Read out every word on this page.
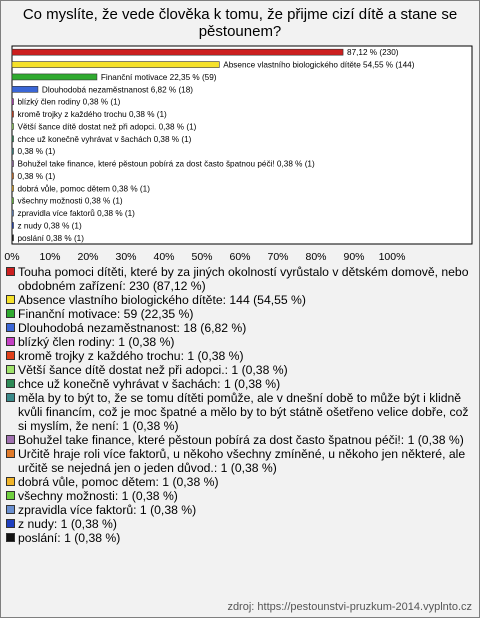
Co myslíte, že vede člověka k tomu, že přijme cizí dítě a stane se pěstounem?
87,12 % (230)
Absence vlastního biologického dítěte 54,55 % (144)
Finanční motivace 22,35 % (59)
Dlouhodobá nezaměstnanost 6,82 % (18)
blízký člen rodiny 0,38 % (1)
kromě trojky z každého trochu 0,38 % (1)
Větší šance dítě dostat než při adopci. 0,38 % (1)
chce už konečně vyhrávat v šachách 0,38 % (1)
0,38 % (1)
Bohužel take finance, které pěstoun pobírá za dost často špatnou péči! 0,38 % (1)
0,38 % (1)
dobrá vůle, pomoc dětem 0,38 % (1)
všechny možnosti 0,38 % (1)
zpravidla více faktorů 0,38 % (1)
z nudy 0,38 % (1)
poslání 0,38 % (1)
0% 10% 20% 30% 40% 50% 60% 70% 80% 90% 100%
Touha pomoci dítěti, které by za jiných okolností vyrůstalo v dětském domově, nebo obdobném zařízení: 230 (87,12 %)
Absence vlastního biologického dítěte: 144 (54,55 %)
Finanční motivace: 59 (22,35 %)
Dlouhodobá nezaměstnanost: 18 (6,82 %)
blízký člen rodiny: 1 (0,38 %)
kromě trojky z každého trochu: 1 (0,38 %)
Větší šance dítě dostat než při adopci.: 1 (0,38 %)
chce už konečně vyhrávat v šachách: 1 (0,38 %)
měla by to být to, že se tomu dítěti pomůže, ale v dnešní době to může být i klidně kvůli financím, což je moc špatné a mělo by to být státně ošetřeno velice dobře, což si myslím, že není: 1 (0,38 %)
Bohužel take finance, které pěstoun pobírá za dost často špatnou péči!: 1 (0,38 %)
Určitě hraje roli více faktorů, u někoho všechny zmíněné, u někoho jen některé, ale určitě se nejedná jen o jeden důvod.: 1 (0,38 %)
dobrá vůle, pomoc dětem: 1 (0,38 %)
všechny možnosti: 1 (0,38 %)
zpravidla více faktorů: 1 (0,38 %)
z nudy: 1 (0,38 %)
poslání: 1 (0,38 %)
zdroj: https://pestounstvi-pruzkum-2014.vyplnto.cz
